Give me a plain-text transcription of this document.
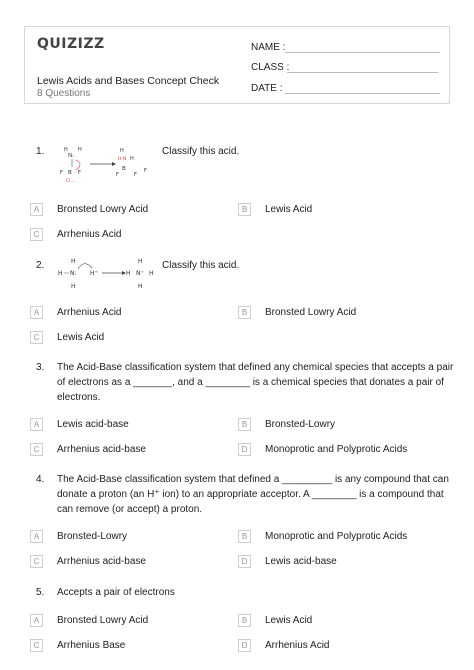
QUIZIZZ
Lewis Acids and Bases Concept Check
8 Questions
NAME :
CLASS :
DATE :
1.	H
N:
H
F B F
Cl...
H
H-N H
B
F	F
F
Classify this acid.
A	Bronsted Lowry Acid	B	Lewis Acid
C	Arrhenius Acid
2.	H
H N: H⁺
H
H
H N⁺ H
H
Classify this acid.
A	Arrhenius Acid	B	Bronsted Lowry Acid
C	Lewis Acid
3. The Acid-Base classification system that defined any chemical species that accepts a pair
of electrons as a _______, and a ________ is a chemical species that donates a pair of
electrons.
A	Lewis acid-base	B	Bronsted-Lowry
C	Arrhenius acid-base	D	Monoprotic and Polyprotic Acids
4. The Acid-Base classification system that defined a _________ is any compound that can
donate a proton (an H⁺ ion) to an appropriate acceptor. A ________ is a compound that
can remove (or accept) a proton.
A	Bronsted-Lowry	B	Monoprotic and Polyprotic Acids
C	Arrhenius acid-base	D	Lewis acid-base
5. Accepts a pair of electrons
A	Bronsted Lowry Acid	B	Lewis Acid
C	Arrhenius Base	D	Arrhenius Acid
